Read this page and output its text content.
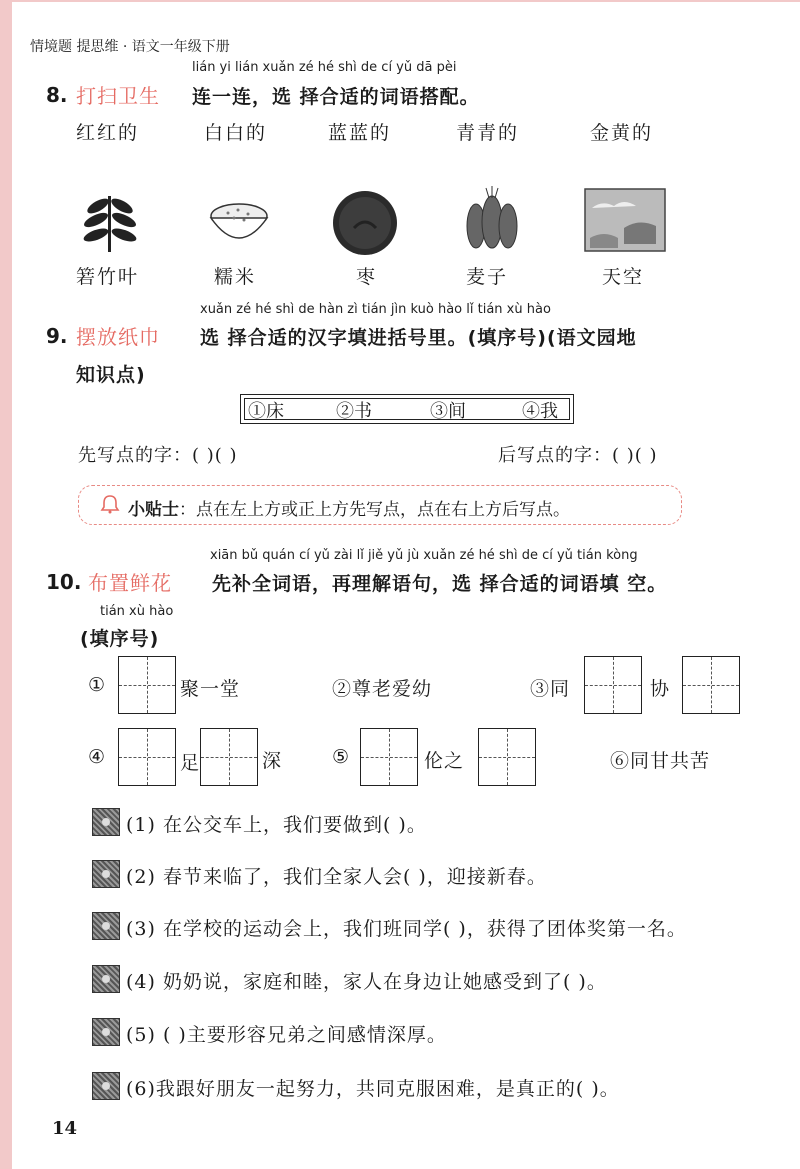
情境题 提思维 · 语文一年级下册
lián yi lián xuǎn zé hé shì de cí yǔ dā pèi
8. 打扫卫生 连一连，选 择合适的词语搭配。
红红的	白白的	蓝蓝的	青青的	金黄的
箬竹叶	糯米	枣	麦子	天空
xuǎn zé hé shì de hàn zì tián jìn kuò hào lǐ tián xù hào
9. 摆放纸巾 选 择合适的汉字填进括号里。(填序号)(语文园地
知识点)
①床	②书	③间	④我
先写点的字：( )( )	后写点的字：( )( )
小贴士：点在左上方或正上方先写点，点在右上方后写点。
xiān bǔ quán cí yǔ zài lǐ jiě yǔ jù xuǎn zé hé shì de cí yǔ tián kòng
10. 布置鲜花 先补全词语，再理解语句，选 择合适的词语填 空。
tián xù hào
(填序号)
①	聚一堂	②尊老爱幼	③同	协
④	足	深	⑤	伦之	⑥同甘共苦
(1) 在公交车上，我们要做到( )。
(2) 春节来临了，我们全家人会( )，迎接新春。
(3) 在学校的运动会上，我们班同学( )，获得了团体奖第一名。
(4) 奶奶说，家庭和睦，家人在身边让她感受到了( )。
(5) ( )主要形容兄弟之间感情深厚。
(6)我跟好朋友一起努力，共同克服困难，是真正的( )。
14
